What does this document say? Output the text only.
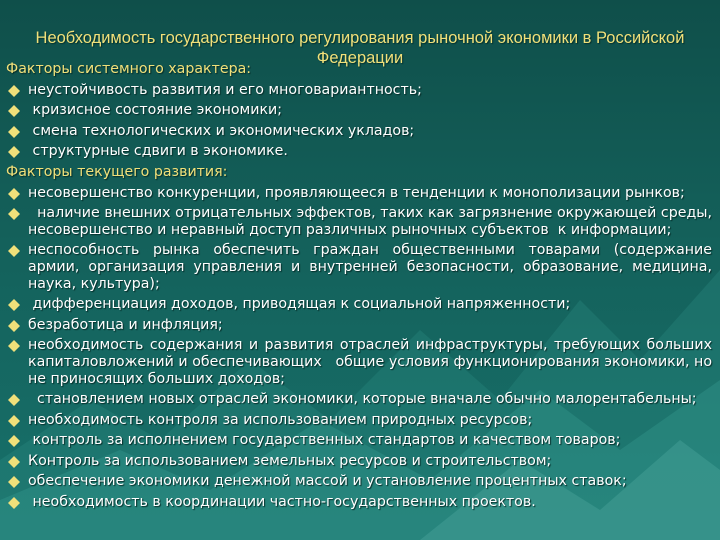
Необходимость государственного регулирования рыночной экономики в Российской Федерации
Факторы системного характера:
неустойчивость развития и его многовариантность;
кризисное состояние экономики;
смена технологических и экономических укладов;
структурные сдвиги в экономике.
Факторы текущего развития:
несовершенство конкуренции, проявляющееся в тенденции к монополизации рынков;
наличие внешних отрицательных эффектов, таких как загрязнение окружающей среды, несовершенство и неравный доступ различных рыночных субъектов  к информации;
неспособность рынка обеспечить граждан общественными товарами (содержание армии, организация управления и внутренней безопасности, образование, медицина, наука, культура);
дифференциация доходов, приводящая к социальной напряженности;
безработица и инфляция;
необходимость содержания и развития отраслей инфраструктуры, требующих больших капиталовложений и обеспечивающих   общие условия функционирования экономики, но не приносящих больших доходов;
становлением новых отраслей экономики, которые вначале обычно малорентабельны;
необходимость контроля за использованием природных ресурсов;
контроль за исполнением государственных стандартов и качеством товаров;
Контроль за использованием земельных ресурсов и строительством;
обеспечение экономики денежной массой и установление процентных ставок;
необходимость в координации частно-государственных проектов.
